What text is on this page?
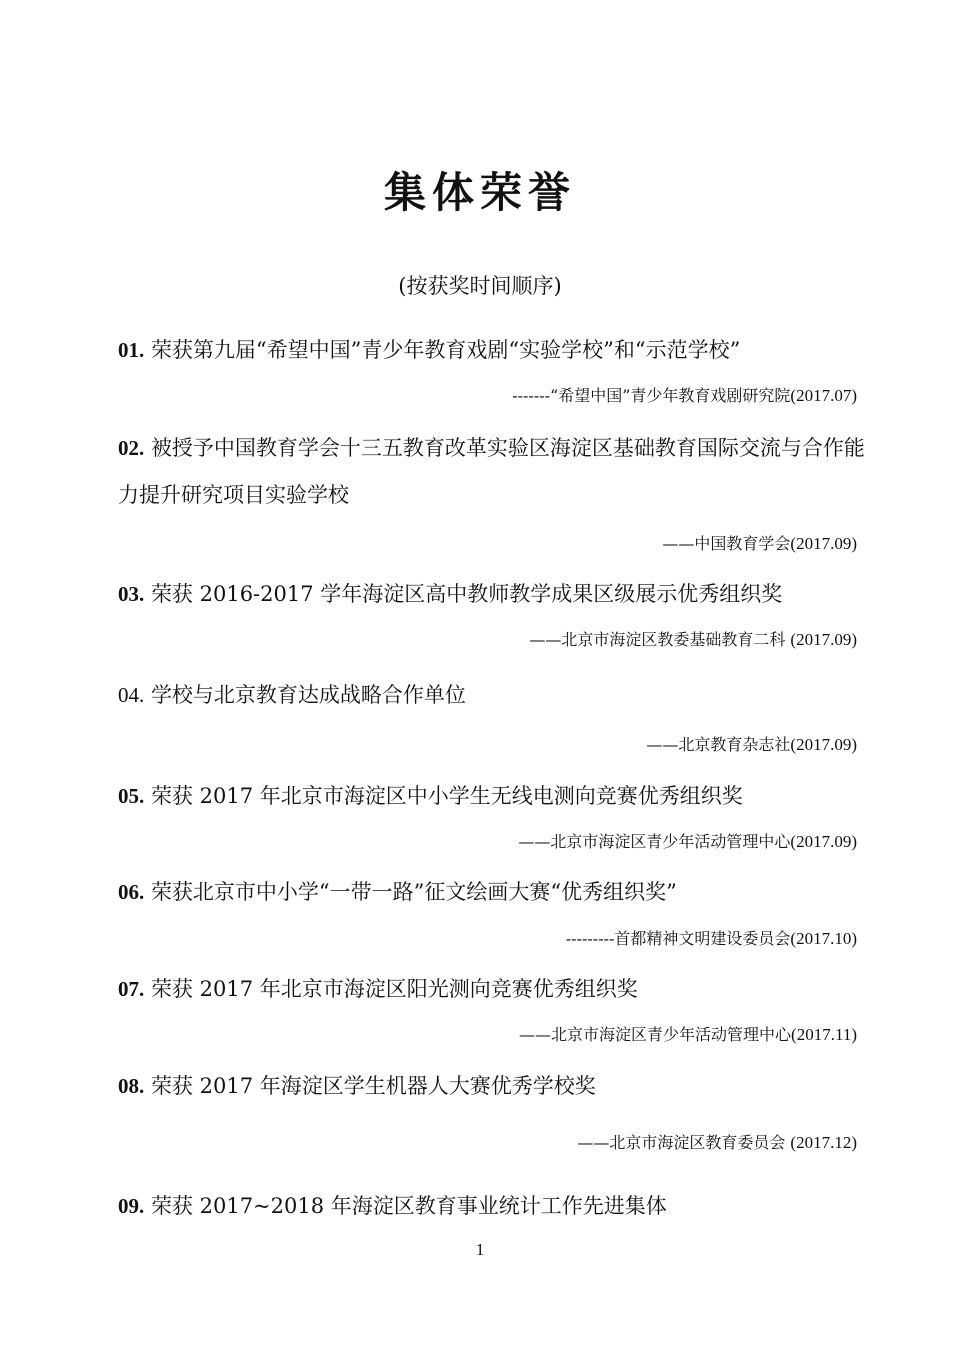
集体荣誉
(按获奖时间顺序)
01. 荣获第九届“希望中国”青少年教育戏剧“实验学校”和“示范学校”
-------“希望中国”青少年教育戏剧研究院(2017.07)
02. 被授予中国教育学会十三五教育改革实验区海淀区基础教育国际交流与合作能力提升研究项目实验学校
——中国教育学会(2017.09)
03. 荣获 2016-2017 学年海淀区高中教师教学成果区级展示优秀组织奖
——北京市海淀区教委基础教育二科 (2017.09)
04. 学校与北京教育达成战略合作单位
——北京教育杂志社(2017.09)
05. 荣获 2017 年北京市海淀区中小学生无线电测向竞赛优秀组织奖
——北京市海淀区青少年活动管理中心(2017.09)
06. 荣获北京市中小学“一带一路”征文绘画大赛“优秀组织奖”
---------首都精神文明建设委员会(2017.10)
07. 荣获 2017 年北京市海淀区阳光测向竞赛优秀组织奖
——北京市海淀区青少年活动管理中心(2017.11)
08. 荣获 2017 年海淀区学生机器人大赛优秀学校奖
——北京市海淀区教育委员会 (2017.12)
09. 荣获 2017~2018 年海淀区教育事业统计工作先进集体
1
